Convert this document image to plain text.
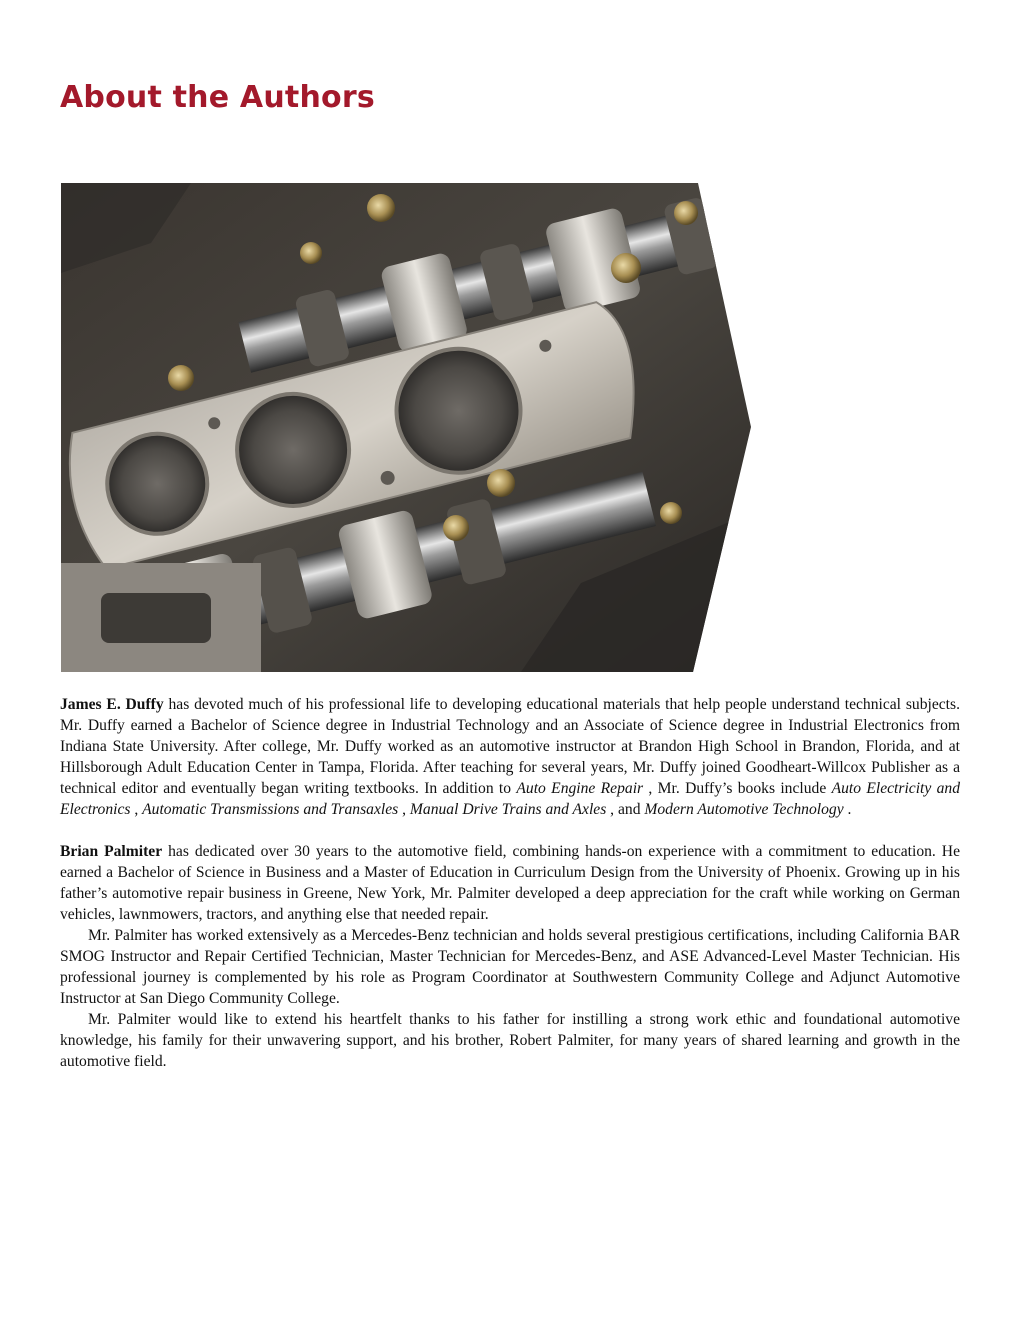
About the Authors

James E. Duffy has devoted much of his professional life to developing educational materials that help people understand technical subjects. Mr. Duffy earned a Bachelor of Science degree in Industrial Technology and an Associate of Science degree in Industrial Electronics from Indiana State University. After college, Mr. Duffy worked as an automotive instructor at Brandon High School in Brandon, Florida, and at Hillsborough Adult Education Center in Tampa, Florida. After teaching for several years, Mr. Duffy joined Goodheart-Willcox Publisher as a technical editor and eventually began writing textbooks. In addition to Auto Engine Repair , Mr. Duffy’s books include Auto Electricity and Electronics , Automatic Transmissions and Transaxles , Manual Drive Trains and Axles , and Modern Automotive Technology .

Brian Palmiter has dedicated over 30 years to the automotive field, combining hands-on experience with a commitment to education. He earned a Bachelor of Science in Business and a Master of Education in Curriculum Design from the University of Phoenix. Growing up in his father’s automotive repair business in Greene, New York, Mr. Palmiter developed a deep appreciation for the craft while working on German vehicles, lawnmowers, tractors, and anything else that needed repair.

Mr. Palmiter has worked extensively as a Mercedes-Benz technician and holds several prestigious certifications, including California BAR SMOG Instructor and Repair Certified Technician, Master Technician for Mercedes-Benz, and ASE Advanced-Level Master Technician. His professional journey is complemented by his role as Program Coordinator at Southwestern Community College and Adjunct Automotive Instructor at San Diego Community College.

Mr. Palmiter would like to extend his heartfelt thanks to his father for instilling a strong work ethic and foundational automotive knowledge, his family for their unwavering support, and his brother, Robert Palmiter, for many years of shared learning and growth in the automotive field.
